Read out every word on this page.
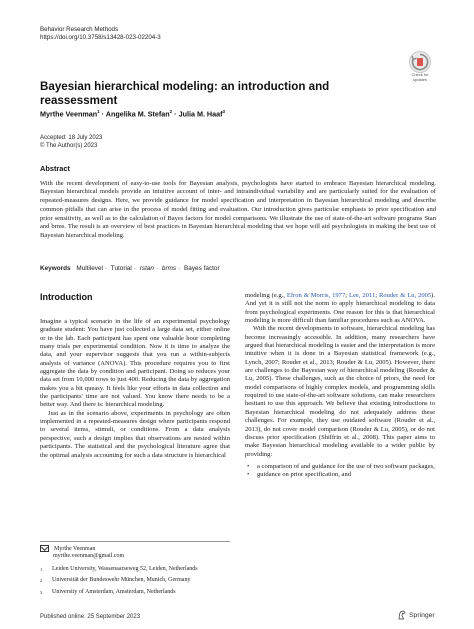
Behavior Research Methods
https://doi.org/10.3758/s13428-023-02204-3
Check for
updates
Bayesian hierarchical modeling: an introduction and reassessment
Myrthe Veenman$^1$ · Angelika M. Stefan$^2$ · Julia M. Haaf$^3$
Accepted: 18 July 2023
© The Author(s) 2023
Abstract

With the recent development of easy-to-use tools for Bayesian analysis, psychologists have started to embrace Bayesian hierarchical modeling. Bayesian hierarchical models provide an intuitive account of inter- and intraindividual variability and are particularly suited for the evaluation of repeated-measures designs. Here, we provide guidance for model specification and interpretation in Bayesian hierarchical modeling and describe common pitfalls that can arise in the process of model fitting and evaluation. Our introduction gives particular emphasis to prior specification and prior sensitivity, as well as to the calculation of Bayes factors for model comparisons. We illustrate the use of state-of-the-art software programs Stan and brms. The result is an overview of best practices in Bayesian hierarchical modeling that we hope will aid psychologists in making the best use of Bayesian hierarchical modeling.

Keywords Multilevel · Tutorial · rstan · brms · Bayes factor
Introduction

Imagine a typical scenario in the life of an experimental psychology graduate student: You have just collected a large data set, either online or in the lab. Each participant has spent one valuable hour completing many trials per experimental condition. Now it is time to analyze the data, and your supervisor suggests that you run a within-subjects analysis of variance (ANOVA). This procedure requires you to first aggregate the data by condition and participant. Doing so reduces your data set from 10,000 rows to just 400. Reducing the data by aggregation makes you a bit queasy. It feels like your efforts in data collection and the participants' time are not valued. You know there needs to be a better way. And there is: hierarchical modeling.

Just as in the scenario above, experiments in psychology are often implemented in a repeated-measures design where participants respond to several items, stimuli, or conditions. From a data analysis perspective, such a design implies that observations are nested within participants. The statistical and the psychological literature agree that the optimal analysis accounting for such a data structure is hierarchical

modeling (e.g., Efron & Morris, 1977; Lee, 2011; Rouder & Lu, 2005). And yet it is still not the norm to apply hierarchical modeling to data from psychological experiments. One reason for this is that hierarchical modeling is more difficult than familiar procedures such as ANOVA.

With the recent developments in software, hierarchical modeling has become increasingly accessible. In addition, many researchers have argued that hierarchical modeling is easier and the interpretation is more intuitive when it is done in a Bayesian statistical framework (e.g., Lynch, 2007; Rouder et al., 2013; Rouder & Lu, 2005). However, there are challenges to the Bayesian way of hierarchical modeling (Rouder & Lu, 2005). These challenges, such as the choice of priors, the need for model comparisons of highly complex models, and programming skills required to use state-of-the-art software solutions, can make researchers hesitant to use this approach. We believe that existing introductions to Bayesian hierarchical modeling do not adequately address these challenges. For example, they use outdated software (Rouder et al., 2013), do not cover model comparison (Rouder & Lu, 2005), or do not discuss prior specification (Shiffrin et al., 2008). This paper aims to make Bayesian hierarchical modeling available to a wider public by providing:

• a comparison of and guidance for the use of two software packages,
• guidance on prior specification, and
Myrthe Veenman
myrthe.veenman@gmail.com
1 Leiden University, Wassenaarseweg 52, Leiden, Netherlands
2 Universität der Bundeswehr München, Munich, Germany
3 University of Amsterdam, Amsterdam, Netherlands
Published online: 25 September 2023	Springer
